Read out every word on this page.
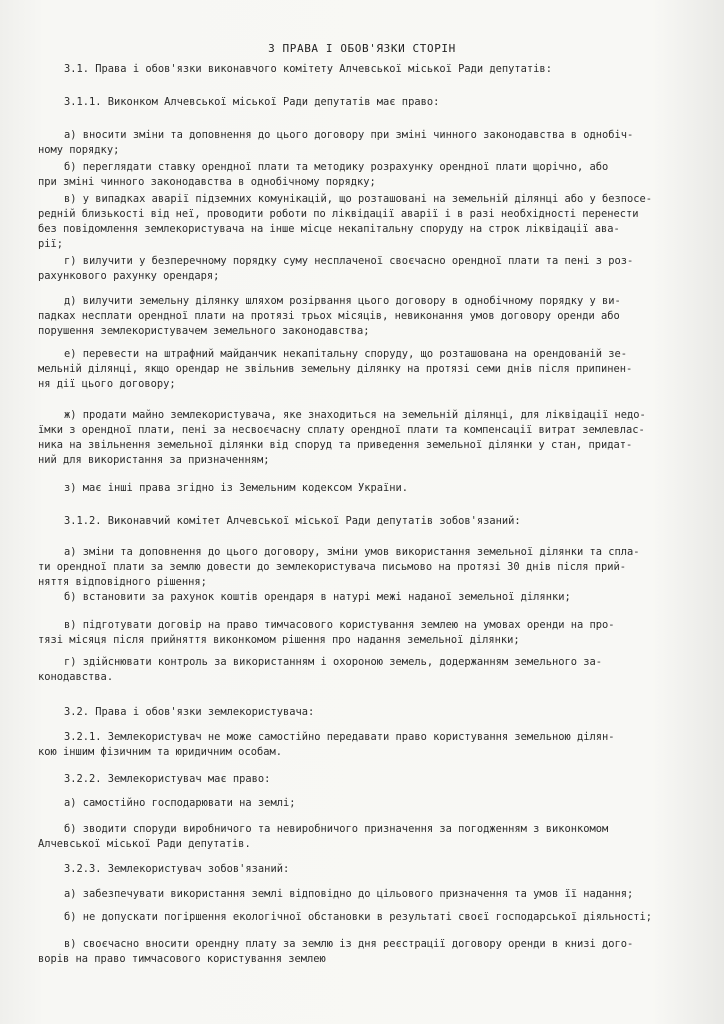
3 ПРАВА І ОБОВ'ЯЗКИ СТОРІН
3.1. Права і обов'язки виконавчого комітету Алчевської міської Ради депутатів:
3.1.1. Виконком Алчевської міської Ради депутатів має право:
а) вносити зміни та доповнення до цього договору при зміні чинного законодавства в однобіч-
ному порядку;
б) переглядати ставку орендної плати та методику розрахунку орендної плати щорічно, або
при зміні чинного законодавства в однобічному порядку;
в) у випадках аварії підземних комунікацій, що розташовані на земельній ділянці або у безпосе-
редній близькості від неї, проводити роботи по ліквідації аварії і в разі необхідності перенести
без повідомлення землекористувача на інше місце некапітальну споруду на строк ліквідації ава-
рії;
г) вилучити у безперечному порядку суму несплаченої своєчасно орендної плати та пені з роз-
рахункового рахунку орендаря;
д) вилучити земельну ділянку шляхом розірвання цього договору в однобічному порядку у ви-
падках несплати орендної плати на протязі трьох місяців, невиконання умов договору оренди або
порушення землекористувачем земельного законодавства;
е) перевести на штрафний майданчик некапітальну споруду, що розташована на орендованій зе-
мельній ділянці, якщо орендар не звільнив земельну ділянку на протязі семи днів після припинен-
ня дії цього договору;
ж) продати майно землекористувача, яке знаходиться на земельній ділянці, для ліквідації недо-
їмки з орендної плати, пені за несвоєчасну сплату орендної плати та компенсації витрат землевлас-
ника на звільнення земельної ділянки від споруд та приведення земельної ділянки у стан, придат-
ний для використання за призначенням;
з) має інші права згідно із Земельним кодексом України.
3.1.2. Виконавчий комітет Алчевської міської Ради депутатів зобов'язаний:
а) зміни та доповнення до цього договору, зміни умов використання земельної ділянки та спла-
ти орендної плати за землю довести до землекористувача письмово на протязі 30 днів після прий-
няття відповідного рішення;
б) встановити за рахунок коштів орендаря в натурі межі наданої земельної ділянки;
в) підготувати договір на право тимчасового користування землею на умовах оренди на про-
тязі місяця після прийняття виконкомом рішення про надання земельної ділянки;
г) здійснювати контроль за використанням і охороною земель, додержанням земельного за-
конодавства.
3.2. Права і обов'язки землекористувача:
3.2.1. Землекористувач не може самостійно передавати право користування земельною ділян-
кою іншим фізичним та юридичним особам.
3.2.2. Землекористувач має право:
а) самостійно господарювати на землі;
б) зводити споруди виробничого та невиробничого призначення за погодженням з виконкомом
Алчевської міської Ради депутатів.
3.2.3. Землекористувач зобов'язаний:
а) забезпечувати використання землі відповідно до цільового призначення та умов її надання;
б) не допускати погіршення екологічної обстановки в результаті своєї господарської діяльності;
в) своєчасно вносити орендну плату за землю із дня реєстрації договору оренди в книзі дого-
ворів на право тимчасового користування землею
